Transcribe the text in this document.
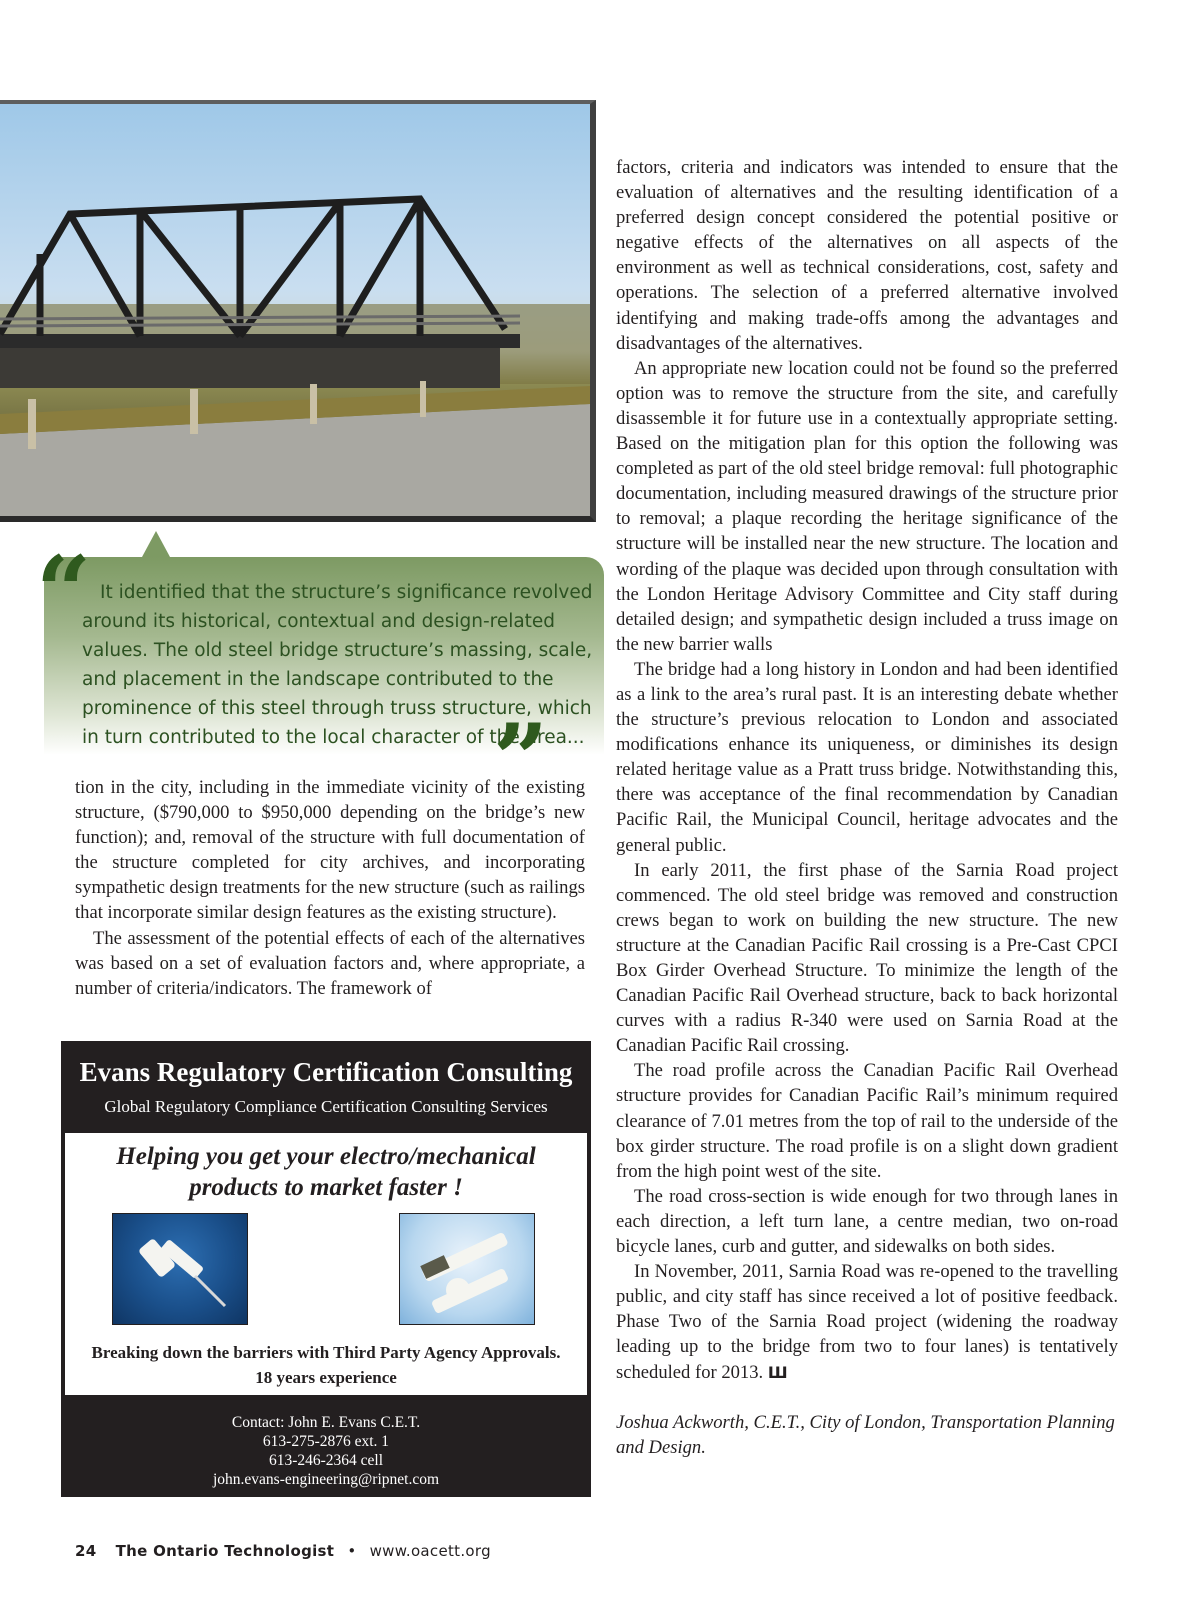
“ It identified that the structure’s significance revolved around its historical, contextual and design-related values. The old steel bridge structure’s massing, scale, and placement in the landscape contributed to the prominence of this steel through truss structure, which in turn contributed to the local character of the area...

”

tion in the city, including in the immediate vicinity of the existing structure, ($790,000 to $950,000 depending on the bridge’s new function); and, removal of the structure with full documentation of the structure completed for city archives, and incorporating sympathetic design treatments for the new structure (such as railings that incorporate similar design features as the existing structure).

The assessment of the potential effects of each of the alternatives was based on a set of evaluation factors and, where appropriate, a number of criteria/indicators. The framework of

factors, criteria and indicators was intended to ensure that the evaluation of alternatives and the resulting identification of a preferred design concept considered the potential positive or negative effects of the alternatives on all aspects of the environment as well as technical considerations, cost, safety and operations. The selection of a preferred alternative involved identifying and making trade-offs among the advantages and disadvantages of the alternatives.

An appropriate new location could not be found so the preferred option was to remove the structure from the site, and carefully disassemble it for future use in a contextually appropriate setting. Based on the mitigation plan for this option the following was completed as part of the old steel bridge removal: full photographic documentation, including measured drawings of the structure prior to removal; a plaque recording the heritage significance of the structure will be installed near the new structure. The location and wording of the plaque was decided upon through consultation with the London Heritage Advisory Committee and City staff during detailed design; and sympathetic design included a truss image on the new barrier walls

The bridge had a long history in London and had been identified as a link to the area’s rural past. It is an interesting debate whether the structure’s previous relocation to London and associated modifications enhance its uniqueness, or diminishes its design related heritage value as a Pratt truss bridge. Notwithstanding this, there was acceptance of the final recommendation by Canadian Pacific Rail, the Municipal Council, heritage advocates and the general public.

In early 2011, the first phase of the Sarnia Road project commenced. The old steel bridge was removed and construction crews began to work on building the new structure. The new structure at the Canadian Pacific Rail crossing is a Pre-Cast CPCI Box Girder Overhead Structure. To minimize the length of the Canadian Pacific Rail Overhead structure, back to back horizontal curves with a radius R-340 were used on Sarnia Road at the Canadian Pacific Rail crossing.

The road profile across the Canadian Pacific Rail Overhead structure provides for Canadian Pacific Rail’s minimum required clearance of 7.01 metres from the top of rail to the underside of the box girder structure. The road profile is on a slight down gradient from the high point west of the site.

The road cross-section is wide enough for two through lanes in each direction, a left turn lane, a centre median, two on-road bicycle lanes, curb and gutter, and sidewalks on both sides.

In November, 2011, Sarnia Road was re-opened to the travelling public, and city staff has since received a lot of positive feedback. Phase Two of the Sarnia Road project (widening the roadway leading up to the bridge from two to four lanes) is tentatively scheduled for 2013. Ш

Joshua Ackworth, C.E.T., City of London, Transportation Planning and Design.

Evans Regulatory Certification Consulting
Global Regulatory Compliance Certification Consulting Services
Helping you get your electro/mechanical
products to market faster !
Breaking down the barriers with Third Party Agency Approvals.
18 years experience
Contact: John E. Evans C.E.T.
613-275-2876 ext. 1
613-246-2364 cell
john.evans-engineering@ripnet.com
24 The Ontario Technologist • www.oacett.org
